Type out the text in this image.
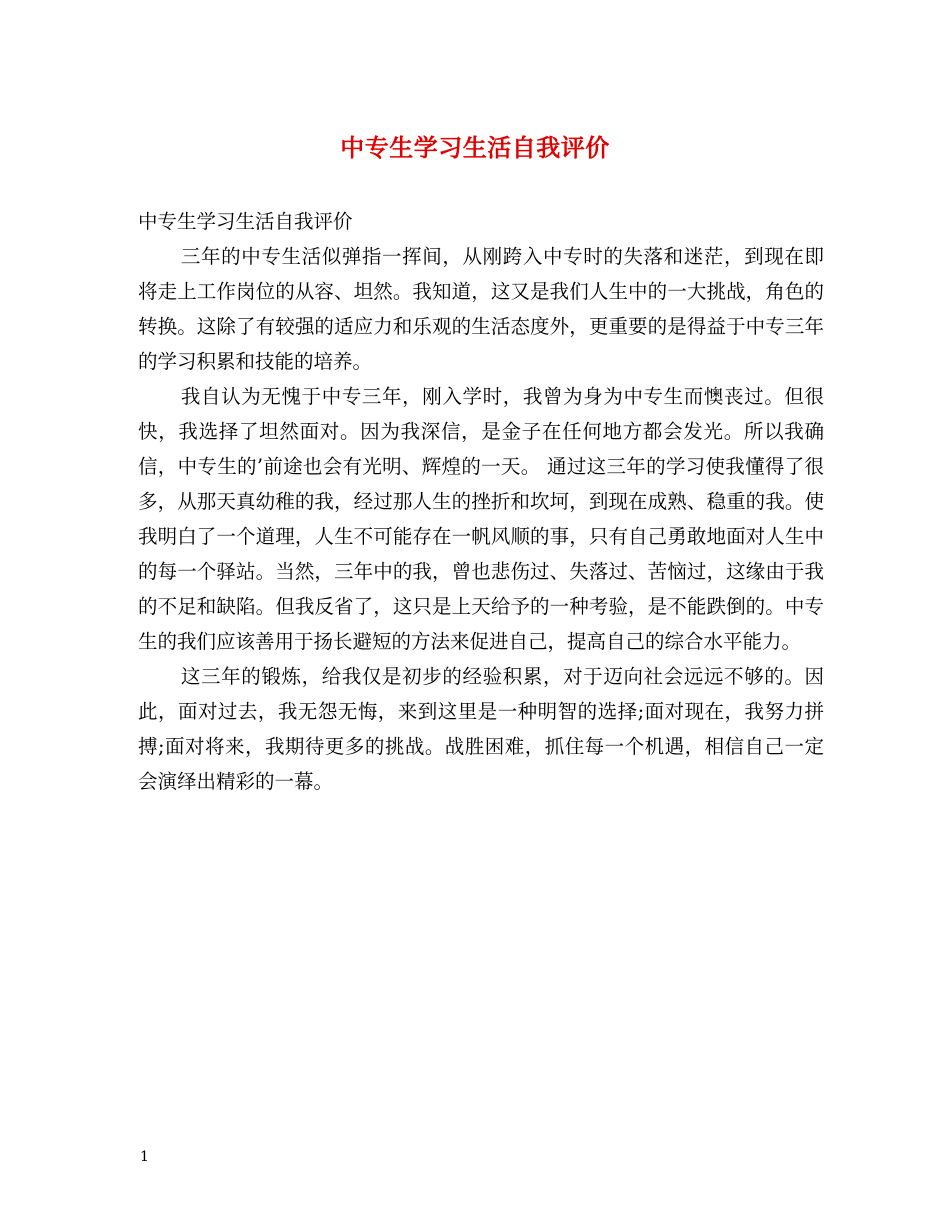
中专生学习生活自我评价

中专生学习生活自我评价

三年的中专生活似弹指一挥间，从刚跨入中专时的失落和迷茫，到现在即将走上工作岗位的从容、坦然。我知道，这又是我们人生中的一大挑战，角色的转换。这除了有较强的适应力和乐观的生活态度外，更重要的是得益于中专三年的学习积累和技能的培养。

我自认为无愧于中专三年，刚入学时，我曾为身为中专生而懊丧过。但很快，我选择了坦然面对。因为我深信，是金子在任何地方都会发光。所以我确信，中专生的’前途也会有光明、辉煌的一天。 通过这三年的学习使我懂得了很多，从那天真幼稚的我，经过那人生的挫折和坎坷，到现在成熟、稳重的我。使我明白了一个道理，人生不可能存在一帆风顺的事，只有自己勇敢地面对人生中的每一个驿站。当然，三年中的我，曾也悲伤过、失落过、苦恼过，这缘由于我的不足和缺陷。但我反省了，这只是上天给予的一种考验，是不能跌倒的。中专生的我们应该善用于扬长避短的方法来促进自己，提高自己的综合水平能力。

这三年的锻炼，给我仅是初步的经验积累，对于迈向社会远远不够的。因此，面对过去，我无怨无悔，来到这里是一种明智的选择;面对现在，我努力拼搏;面对将来，我期待更多的挑战。战胜困难，抓住每一个机遇，相信自己一定会演绎出精彩的一幕。

1
